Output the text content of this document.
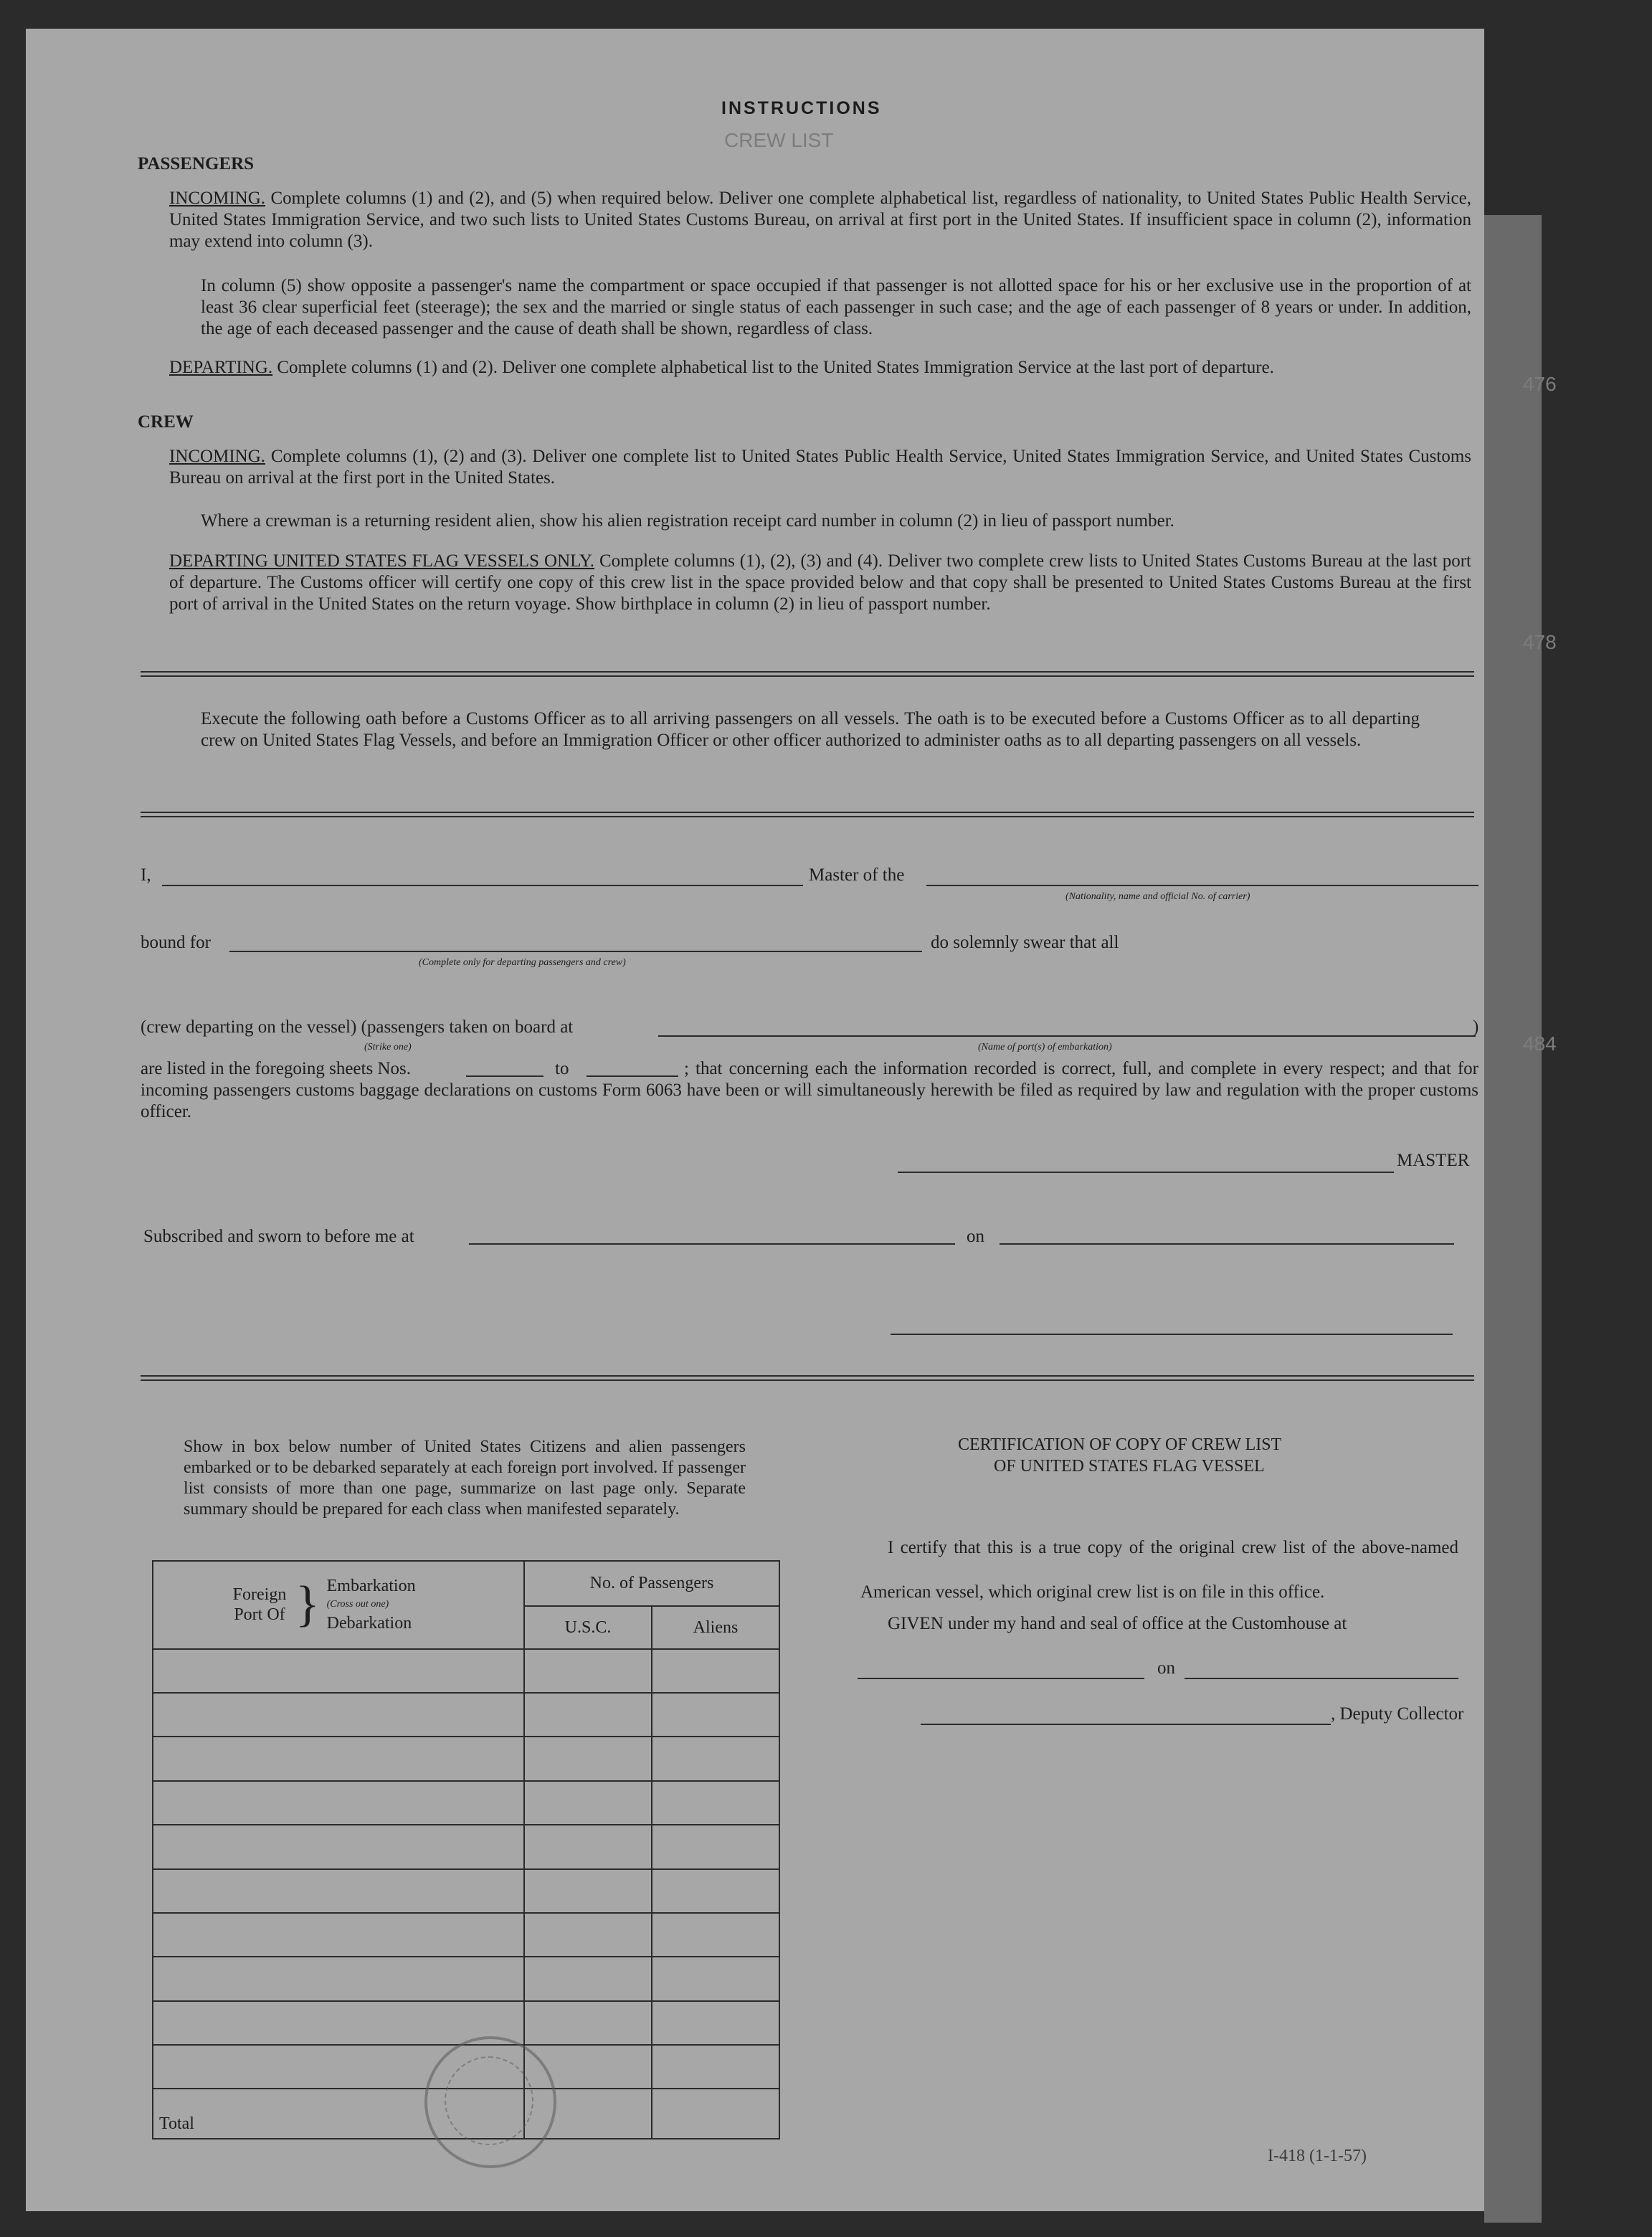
CREW LIST
476
478
484
INSTRUCTIONS
PASSENGERS
INCOMING. Complete columns (1) and (2), and (5) when required below. Deliver one complete alphabetical list, regardless of nationality, to United States Public Health Service, United States Immigration Service, and two such lists to United States Customs Bureau, on arrival at first port in the United States. If insufficient space in column (2), information may extend into column (3).
In column (5) show opposite a passenger's name the compartment or space occupied if that passenger is not allotted space for his or her exclusive use in the proportion of at least 36 clear superficial feet (steerage); the sex and the married or single status of each passenger in such case; and the age of each passenger of 8 years or under. In addition, the age of each deceased passenger and the cause of death shall be shown, regardless of class.
DEPARTING. Complete columns (1) and (2). Deliver one complete alphabetical list to the United States Immigration Service at the last port of departure.
CREW
INCOMING. Complete columns (1), (2) and (3). Deliver one complete list to United States Public Health Service, United States Immigration Service, and United States Customs Bureau on arrival at the first port in the United States.
Where a crewman is a returning resident alien, show his alien registration receipt card number in column (2) in lieu of passport number.
DEPARTING UNITED STATES FLAG VESSELS ONLY. Complete columns (1), (2), (3) and (4). Deliver two complete crew lists to United States Customs Bureau at the last port of departure. The Customs officer will certify one copy of this crew list in the space provided below and that copy shall be presented to United States Customs Bureau at the first port of arrival in the United States on the return voyage. Show birthplace in column (2) in lieu of passport number.
Execute the following oath before a Customs Officer as to all arriving passengers on all vessels. The oath is to be executed before a Customs Officer as to all departing crew on United States Flag Vessels, and before an Immigration Officer or other officer authorized to administer oaths as to all departing passengers on all vessels.
I,	Master of the
(Nationality, name and official No. of carrier)
bound for
(Complete only for departing passengers and crew)
do solemnly swear that all
(crew departing on the vessel) (passengers taken on board at
(Strike one)	(Name of port(s) of embarkation)
)
are listed in the foregoing sheets Nos.	to	; that concerning each the information recorded is correct, full, and complete in every respect; and that for incoming passengers customs baggage declarations on customs Form 6063 have been or will simultaneously herewith be filed as required by law and regulation with the proper customs officer.
MASTER
Subscribed and sworn to before me at	on
Show in box below number of United States Citizens and alien passengers embarked or to be debarked separately at each foreign port involved. If passenger list consists of more than one page, summarize on last page only. Separate summary should be prepared for each class when manifested separately.
Foreign Port Of } Embarkation
(Cross out one)
Debarkation	No. of Passengers	
	U.S.C.	Aliens

Total		
CERTIFICATION OF COPY OF CREW LIST
OF UNITED STATES FLAG VESSEL
I certify that this is a true copy of the original crew list of the above-named American vessel, which original crew list is on file in this office.
GIVEN under my hand and seal of office at the Customhouse at
on
, Deputy Collector
I-418 (1-1-57)
